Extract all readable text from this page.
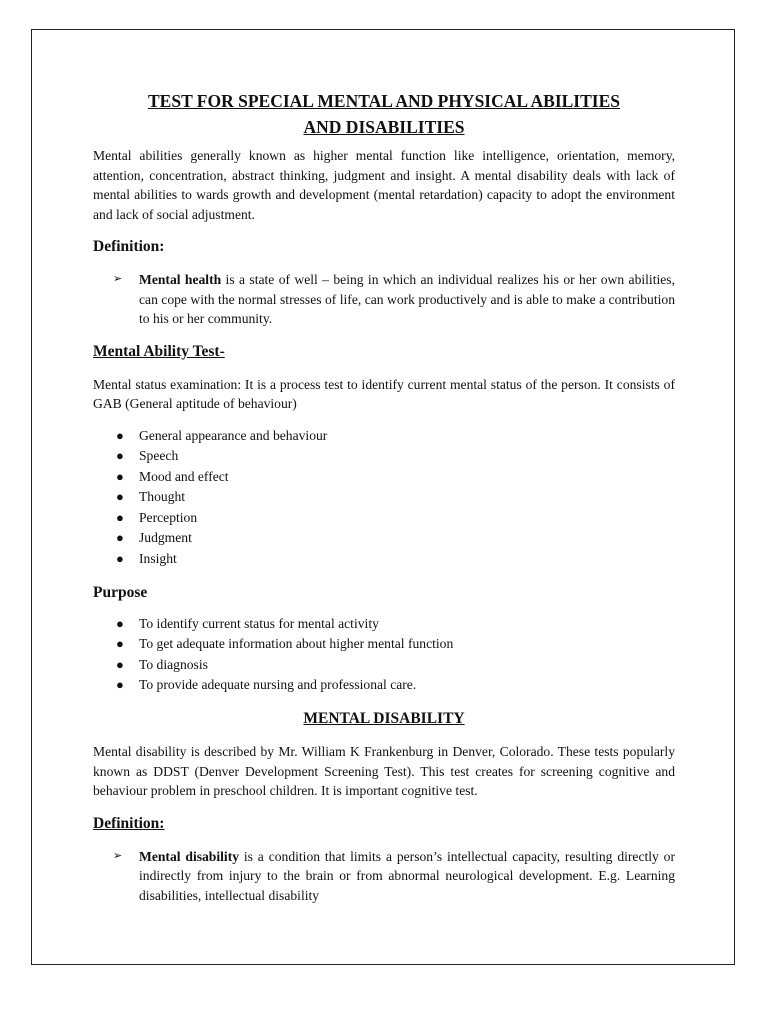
TEST FOR SPECIAL MENTAL AND PHYSICAL ABILITIES
AND DISABILITIES

Mental abilities generally known as higher mental function like intelligence, orientation, memory, attention, concentration, abstract thinking, judgment and insight. A mental disability deals with lack of mental abilities to wards growth and development (mental retardation) capacity to adopt the environment and lack of social adjustment.

Definition:
➢ Mental health is a state of well – being in which an individual realizes his or her own abilities, can cope with the normal stresses of life, can work productively and is able to make a contribution to his or her community.
Mental Ability Test-

Mental status examination: It is a process test to identify current mental status of the person. It consists of GAB (General aptitude of behaviour)

● General appearance and behaviour
● Speech
● Mood and effect
● Thought
● Perception
● Judgment
● Insight
Purpose
● To identify current status for mental activity
● To get adequate information about higher mental function
● To diagnosis
● To provide adequate nursing and professional care.
MENTAL DISABILITY

Mental disability is described by Mr. William K Frankenburg in Denver, Colorado. These tests popularly known as DDST (Denver Development Screening Test). This test creates for screening cognitive and behaviour problem in preschool children. It is important cognitive test.

Definition:
➢ Mental disability is a condition that limits a person’s intellectual capacity, resulting directly or indirectly from injury to the brain or from abnormal neurological development. E.g. Learning disabilities, intellectual disability
